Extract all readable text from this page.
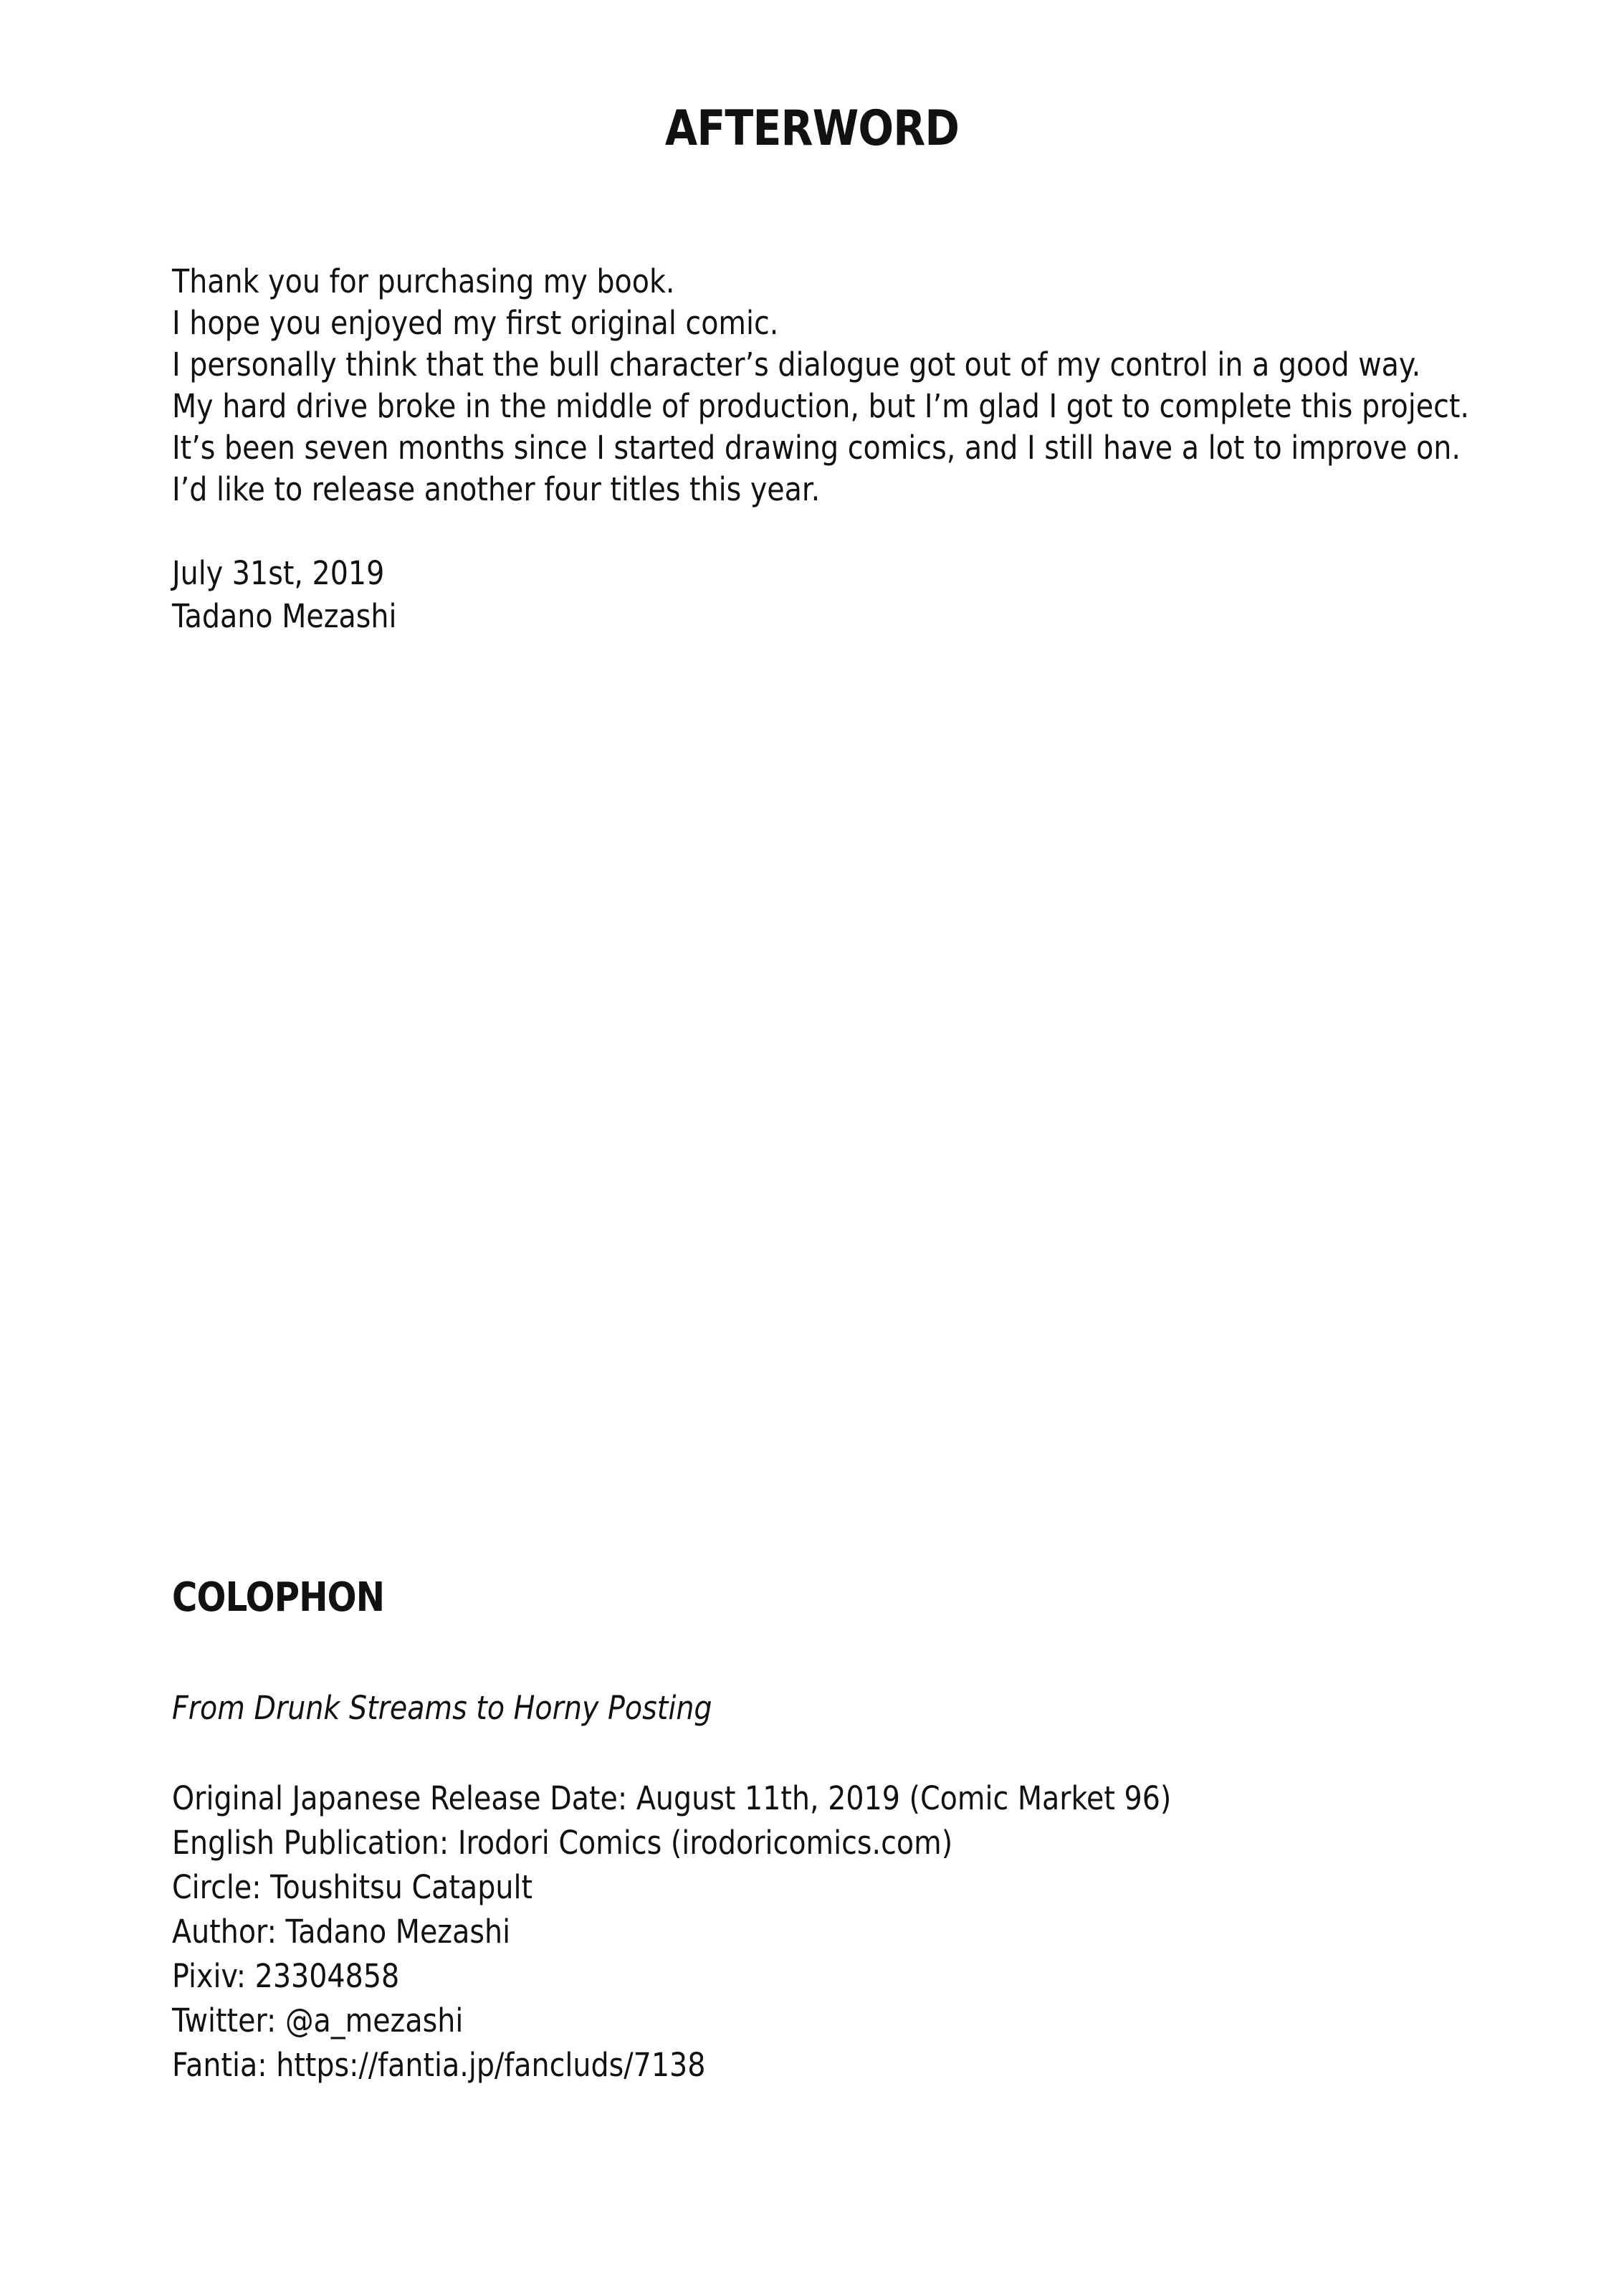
AFTERWORD

Thank you for purchasing my book.

I hope you enjoyed my first original comic.

I personally think that the bull character’s dialogue got out of my control in a good way.

My hard drive broke in the middle of production, but I’m glad I got to complete this project.

It’s been seven months since I started drawing comics, and I still have a lot to improve on.

I’d like to release another four titles this year.

July 31st, 2019

Tadano Mezashi

COLOPHON

From Drunk Streams to Horny Posting

Original Japanese Release Date: August 11th, 2019 (Comic Market 96)
English Publication: Irodori Comics (irodoricomics.com)
Circle: Toushitsu Catapult
Author: Tadano Mezashi
Pixiv: 23304858
Twitter: @a_mezashi
Fantia: https://fantia.jp/fancluds/7138
